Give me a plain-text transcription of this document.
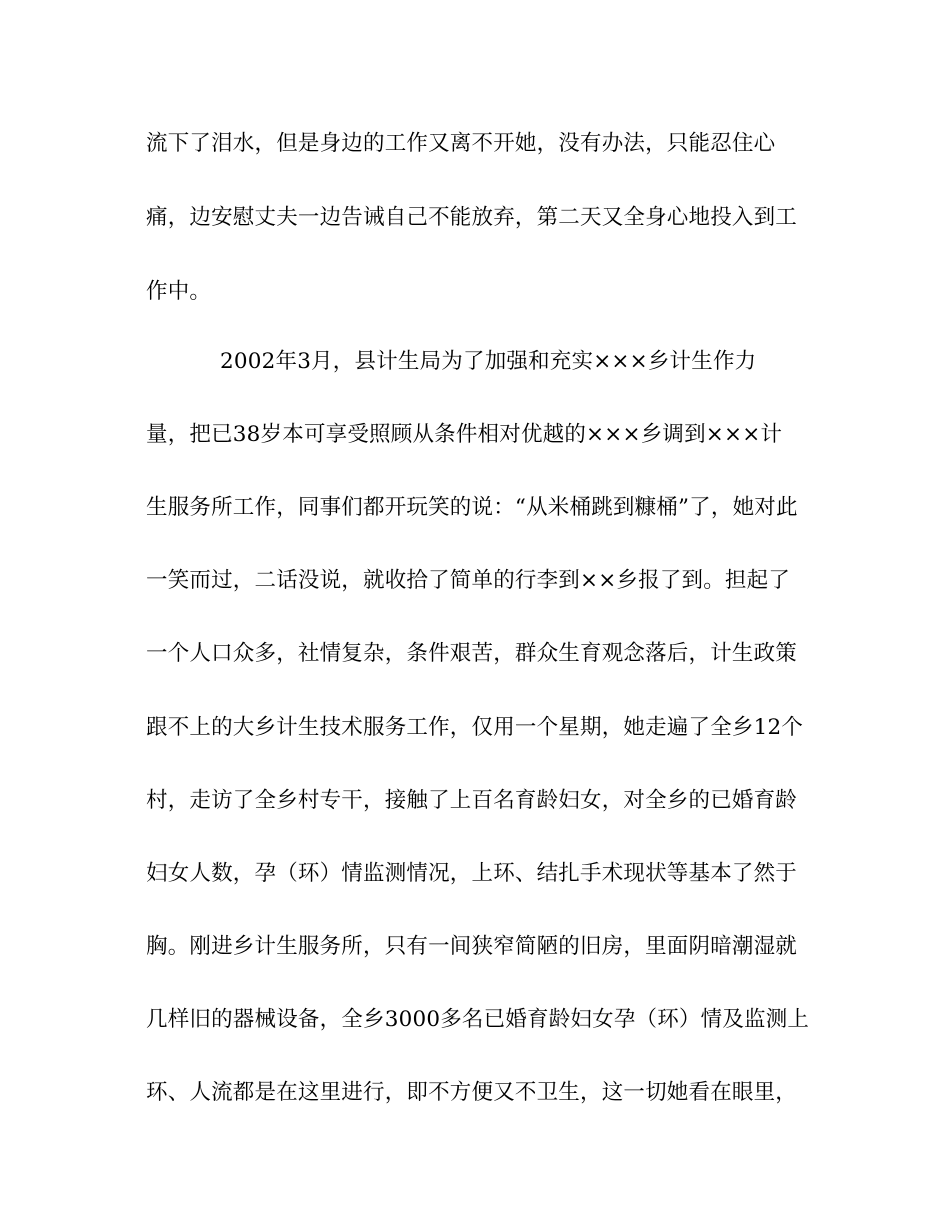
流下了泪水，但是身边的工作又离不开她，没有办法，只能忍住心
痛，边安慰丈夫一边告诫自己不能放弃，第二天又全身心地投入到工
作中。
2002年3月，县计生局为了加强和充实×××乡计生作力
量，把已38岁本可享受照顾从条件相对优越的×××乡调到×××计
生服务所工作，同事们都开玩笑的说：“从米桶跳到糠桶”了，她对此
一笑而过，二话没说，就收拾了简单的行李到××乡报了到。担起了
一个人口众多，社情复杂，条件艰苦，群众生育观念落后，计生政策
跟不上的大乡计生技术服务工作，仅用一个星期，她走遍了全乡12个
村，走访了全乡村专干，接触了上百名育龄妇女，对全乡的已婚育龄
妇女人数，孕（环）情监测情况，上环、结扎手术现状等基本了然于
胸。刚进乡计生服务所，只有一间狭窄简陋的旧房，里面阴暗潮湿就
几样旧的器械设备，全乡3000多名已婚育龄妇女孕（环）情及监测上
环、人流都是在这里进行，即不方便又不卫生，这一切她看在眼里，
